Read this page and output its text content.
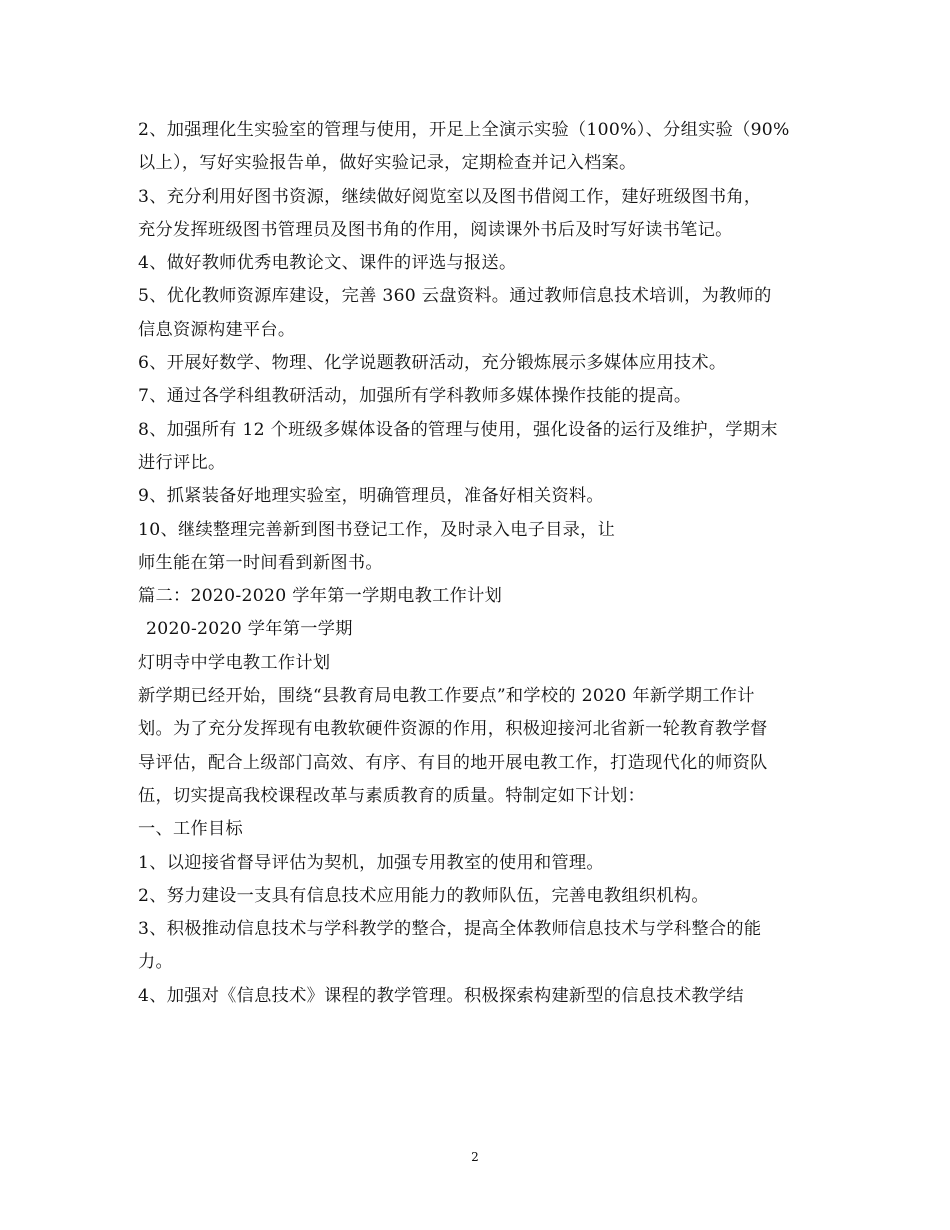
2、加强理化生实验室的管理与使用，开足上全演示实验（100%）、分组实验（90%
以上），写好实验报告单，做好实验记录，定期检查并记入档案。
3、充分利用好图书资源，继续做好阅览室以及图书借阅工作，建好班级图书角，
充分发挥班级图书管理员及图书角的作用，阅读课外书后及时写好读书笔记。
4、做好教师优秀电教论文、课件的评选与报送。
5、优化教师资源库建设，完善 360 云盘资料。通过教师信息技术培训，为教师的
信息资源构建平台。
6、开展好数学、物理、化学说题教研活动，充分锻炼展示多媒体应用技术。
7、通过各学科组教研活动，加强所有学科教师多媒体操作技能的提高。
8、加强所有 12 个班级多媒体设备的管理与使用，强化设备的运行及维护，学期末
进行评比。
9、抓紧装备好地理实验室，明确管理员，准备好相关资料。
10、继续整理完善新到图书登记工作，及时录入电子目录，让
师生能在第一时间看到新图书。
篇二：2020-2020 学年第一学期电教工作计划
2020-2020 学年第一学期
灯明寺中学电教工作计划
新学期已经开始，围绕“县教育局电教工作要点”和学校的 2020 年新学期工作计
划。为了充分发挥现有电教软硬件资源的作用，积极迎接河北省新一轮教育教学督
导评估，配合上级部门高效、有序、有目的地开展电教工作，打造现代化的师资队
伍，切实提高我校课程改革与素质教育的质量。特制定如下计划：
一、工作目标
1、以迎接省督导评估为契机，加强专用教室的使用和管理。
2、努力建设一支具有信息技术应用能力的教师队伍，完善电教组织机构。
3、积极推动信息技术与学科教学的整合，提高全体教师信息技术与学科整合的能
力。
4、加强对《信息技术》课程的教学管理。积极探索构建新型的信息技术教学结
2
